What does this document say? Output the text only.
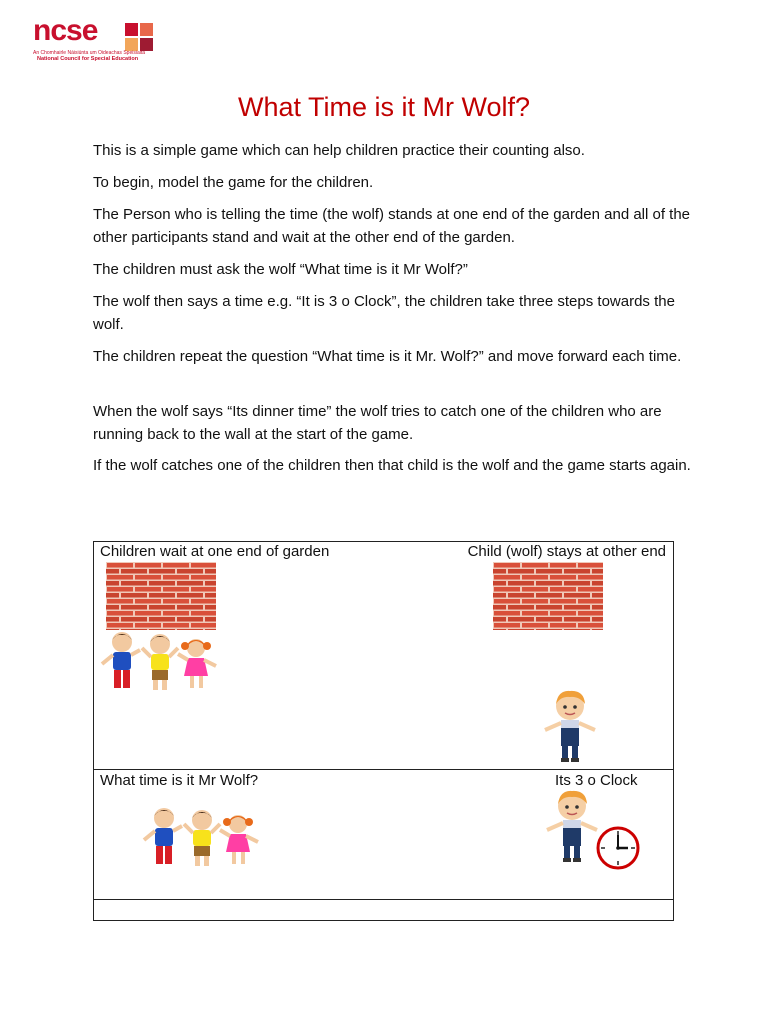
ncse
An Chomhairle Náisiúnta um Oideachas Speisialta
National Council for Special Education
What Time is it Mr Wolf?

This is a simple game which can help children practice their counting also.

To begin, model the game for the children.

The Person who is telling the time (the wolf) stands at one end of the garden and all of the other participants stand and wait at the other end of the garden.

The children must ask the wolf “What time is it Mr Wolf?”

The wolf then says a time e.g. “It is 3 o Clock”, the children take three steps towards the wolf.

The children repeat the question “What time is it Mr. Wolf?” and move forward each time.

When the wolf says “Its dinner time” the wolf tries to catch one of the children who are running back to the wall at the start of the game.

If the wolf catches one of the children then that child is the wolf and the game starts again.

Children wait at one end of garden	Child (wolf) stays at other end
What time is it Mr Wolf?	Its 3 o Clock
